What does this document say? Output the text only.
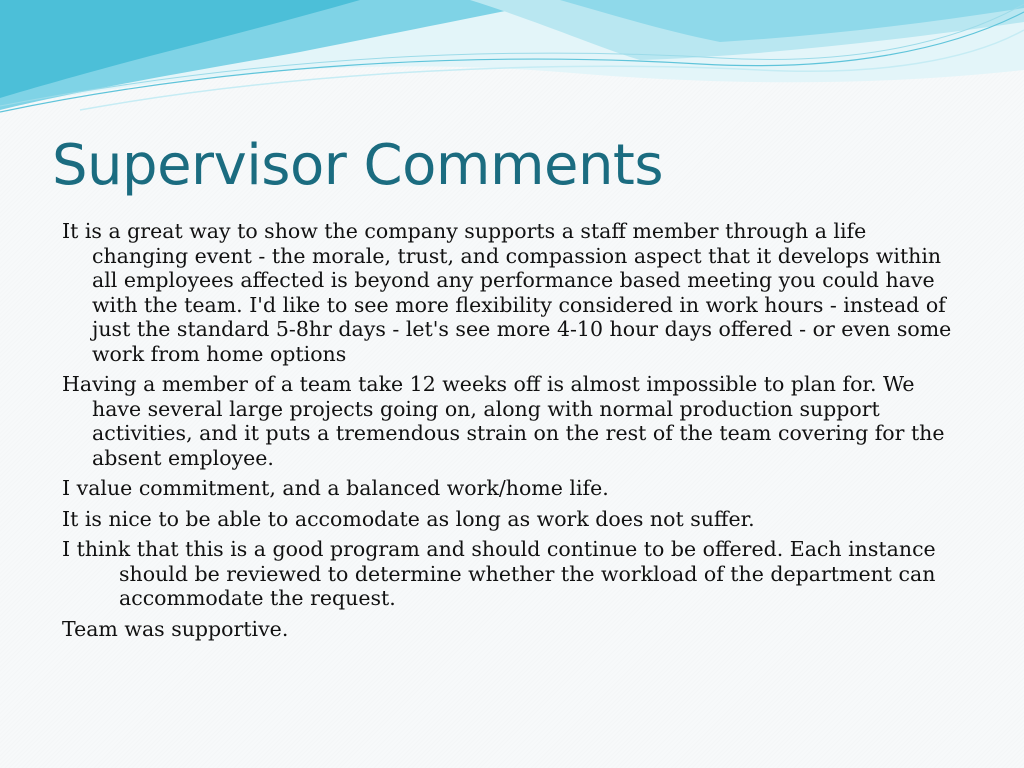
Supervisor Comments
It is a great way to show the company supports a staff member through a life changing event - the morale, trust, and compassion aspect that it develops within all employees affected is beyond any performance based meeting you could have with the team. I'd like to see more flexibility considered in work hours - instead of just the standard 5-8hr days - let's see more 4-10 hour days offered - or even some work from home options
Having a member of a team take 12 weeks off is almost impossible to plan for. We have several large projects going on, along with normal production support activities, and it puts a tremendous strain on the rest of the team covering for the absent employee.
I value commitment, and a balanced work/home life.
It is nice to be able to accomodate as long as work does not suffer.
I think that this is a good program and should continue to be offered. Each instance should be reviewed to determine whether the workload of the department can accommodate the request.
Team was supportive.
